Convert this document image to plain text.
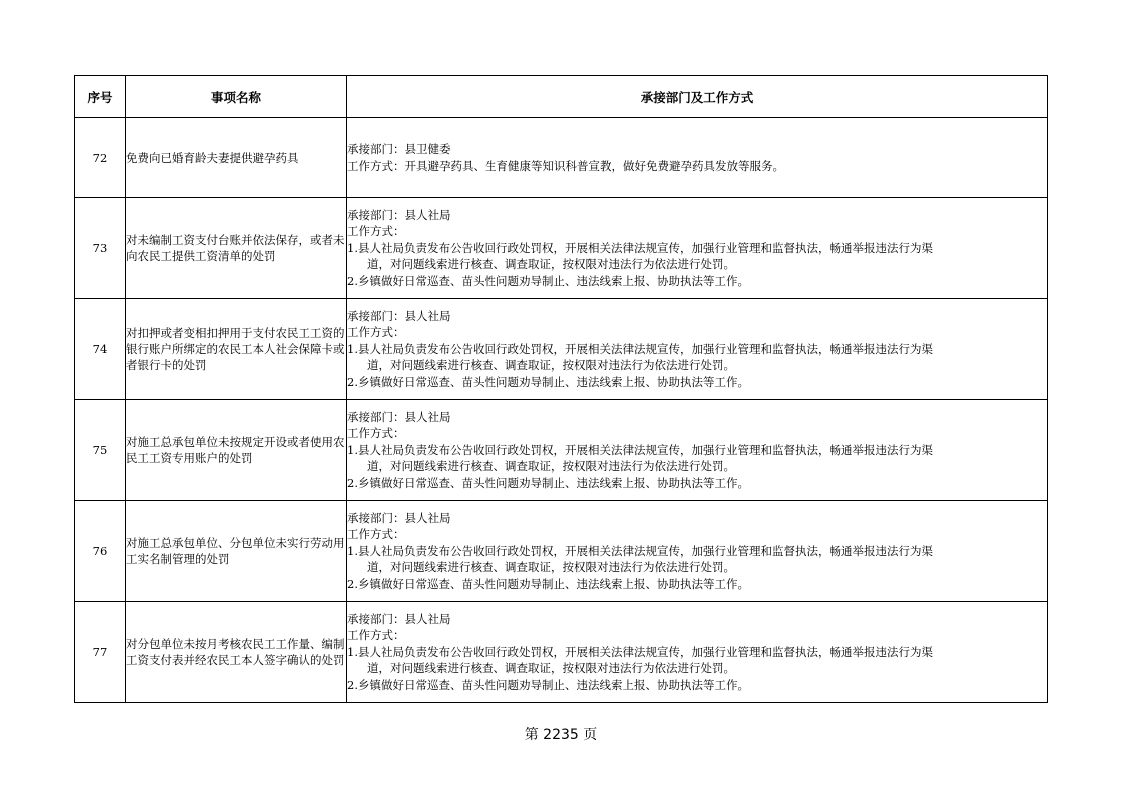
序号	事项名称	承接部门及工作方式
72	免费向已婚育龄夫妻提供避孕药具	承接部门：县卫健委
工作方式：开具避孕药具、生育健康等知识科普宣教，做好免费避孕药具发放等服务。

73	对未编制工资支付台账并依法保存，或者未向农民工提供工资清单的处罚	承接部门：县人社局
工作方式：
1.县人社局负责发布公告收回行政处罚权，开展相关法律法规宣传，加强行业管理和监督执法，畅通举报违法行为渠
道，对问题线索进行核查、调查取证，按权限对违法行为依法进行处罚。
2.乡镇做好日常巡查、苗头性问题劝导制止、违法线索上报、协助执法等工作。

74	对扣押或者变相扣押用于支付农民工工资的银行账户所绑定的农民工本人社会保障卡或者银行卡的处罚	承接部门：县人社局
工作方式：
1.县人社局负责发布公告收回行政处罚权，开展相关法律法规宣传，加强行业管理和监督执法，畅通举报违法行为渠
道，对问题线索进行核查、调查取证，按权限对违法行为依法进行处罚。
2.乡镇做好日常巡查、苗头性问题劝导制止、违法线索上报、协助执法等工作。

75	对施工总承包单位未按规定开设或者使用农民工工资专用账户的处罚	承接部门：县人社局
工作方式：
1.县人社局负责发布公告收回行政处罚权，开展相关法律法规宣传，加强行业管理和监督执法，畅通举报违法行为渠
道，对问题线索进行核查、调查取证，按权限对违法行为依法进行处罚。
2.乡镇做好日常巡查、苗头性问题劝导制止、违法线索上报、协助执法等工作。

76	对施工总承包单位、分包单位未实行劳动用工实名制管理的处罚	承接部门：县人社局
工作方式：
1.县人社局负责发布公告收回行政处罚权，开展相关法律法规宣传，加强行业管理和监督执法，畅通举报违法行为渠
道，对问题线索进行核查、调查取证，按权限对违法行为依法进行处罚。
2.乡镇做好日常巡查、苗头性问题劝导制止、违法线索上报、协助执法等工作。

77	对分包单位未按月考核农民工工作量、编制工资支付表并经农民工本人签字确认的处罚	承接部门：县人社局
工作方式：
1.县人社局负责发布公告收回行政处罚权，开展相关法律法规宣传，加强行业管理和监督执法，畅通举报违法行为渠
道，对问题线索进行核查、调查取证，按权限对违法行为依法进行处罚。
2.乡镇做好日常巡查、苗头性问题劝导制止、违法线索上报、协助执法等工作。
第 2235 页
